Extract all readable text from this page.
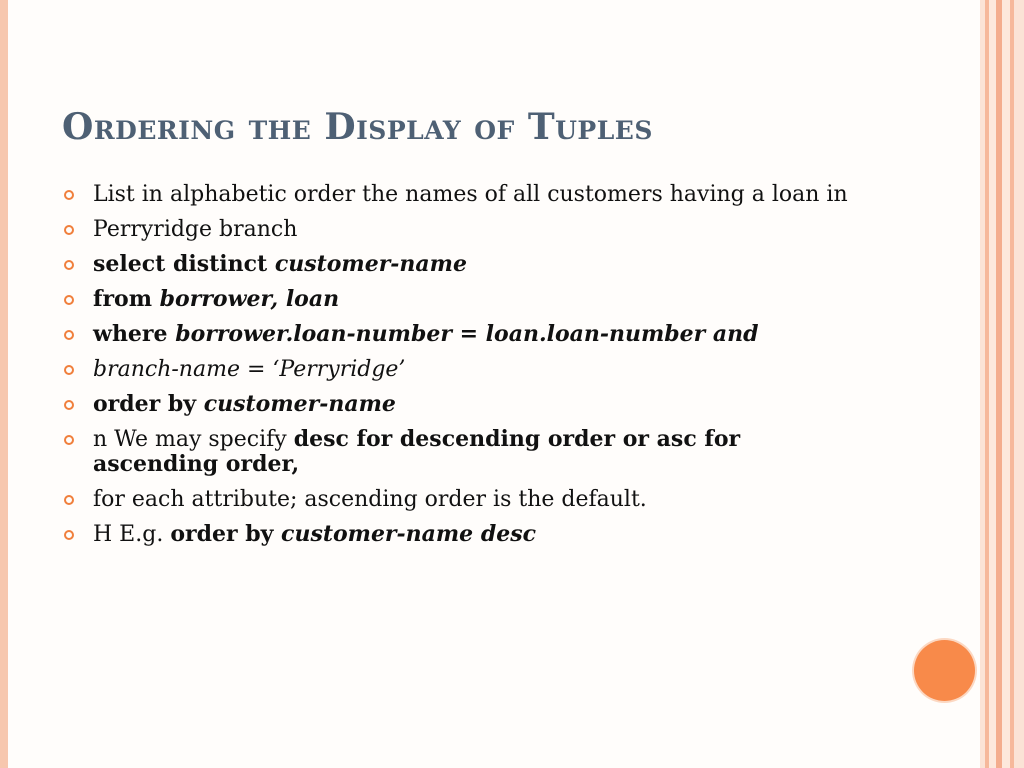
Ordering the Display of Tuples
List in alphabetic order the names of all customers having a loan in
Perryridge branch
select distinct customer-name
from borrower, loan
where borrower.loan-number = loan.loan-number and
branch-name = ‘Perryridge’
order by customer-name
n We may specify desc for descending order or asc for ascending order,
for each attribute; ascending order is the default.
H E.g. order by customer-name desc
